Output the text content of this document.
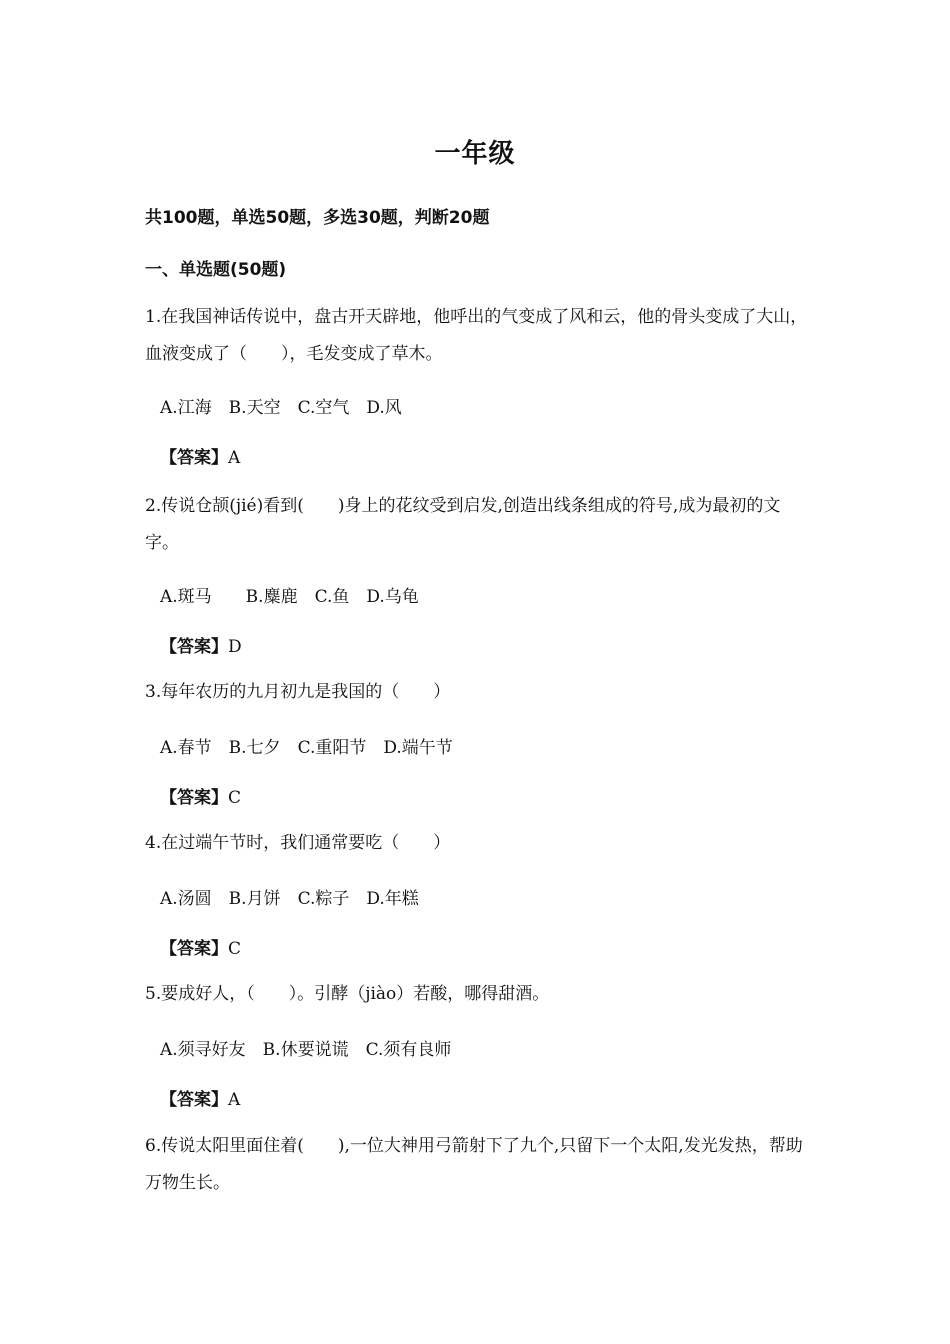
一年级
共100题，单选50题，多选30题，判断20题
一、单选题(50题)
1.在我国神话传说中，盘古开天辟地，他呼出的气变成了风和云，他的骨头变成了大山，血液变成了（　　），毛发变成了草木。
A.江海　B.天空　C.空气　D.风
【答案】A
2.传说仓颉(jié)看到(　　)身上的花纹受到启发,创造出线条组成的符号,成为最初的文字。
A.斑马　　B.麋鹿　C.鱼　D.乌龟
【答案】D
3.每年农历的九月初九是我国的（　　）
A.春节　B.七夕　C.重阳节　D.端午节
【答案】C
4.在过端午节时，我们通常要吃（　　）
A.汤圆　B.月饼　C.粽子　D.年糕
【答案】C
5.要成好人，（　　）。引酵（jiào）若酸，哪得甜酒。
A.须寻好友　B.休要说谎　C.须有良师
【答案】A
6.传说太阳里面住着(　　),一位大神用弓箭射下了九个,只留下一个太阳,发光发热，帮助万物生长。
